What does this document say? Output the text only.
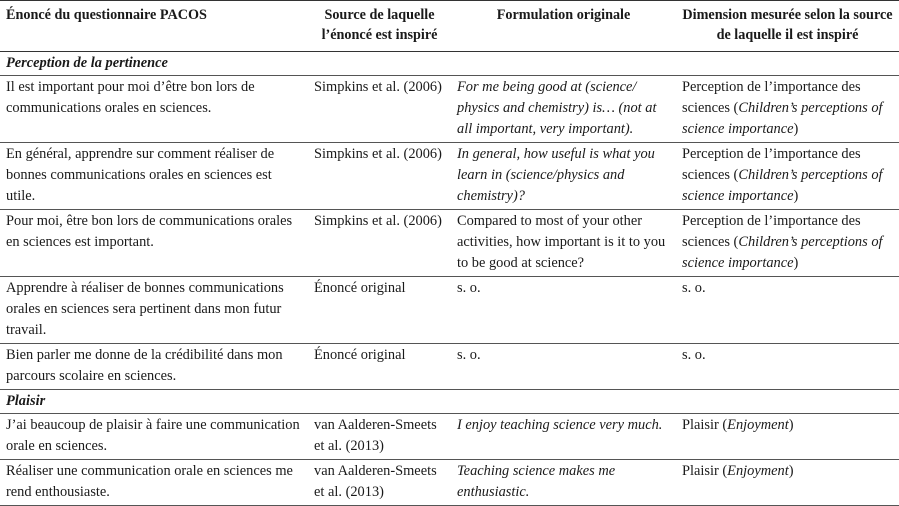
Énoncé du questionnaire PACOS	Source de laquelle l’énoncé est inspiré	Formulation originale	Dimension mesurée selon la source de laquelle il est inspiré
Perception de la pertinence			
Il est important pour moi d’être bon lors de communications orales en sciences.	Simpkins et al. (2006)	For me being good at (science/ physics and chemistry) is… (not at all important, very important).	Perception de l’importance des sciences (Children’s perceptions of science importance)
En général, apprendre sur comment réaliser de bonnes communications orales en sciences est utile.	Simpkins et al. (2006)	In general, how useful is what you learn in (science/physics and chemistry)?	Perception de l’importance des sciences (Children’s perceptions of science importance)
Pour moi, être bon lors de communications orales en sciences est important.	Simpkins et al. (2006)	Compared to most of your other activities, how important is it to you to be good at science?	Perception de l’importance des sciences (Children’s perceptions of science importance)
Apprendre à réaliser de bonnes communications orales en sciences sera pertinent dans mon futur travail.	Énoncé original	s. o.	s. o.
Bien parler me donne de la crédibilité dans mon parcours scolaire en sciences.	Énoncé original	s. o.	s. o.
Plaisir			
J’ai beaucoup de plaisir à faire une communication orale en sciences.	van Aalderen-Smeets et al. (2013)	I enjoy teaching science very much.	Plaisir (Enjoyment)
Réaliser une communication orale en sciences me rend enthousiaste.	van Aalderen-Smeets et al. (2013)	Teaching science makes me enthusiastic.	Plaisir (Enjoyment)
